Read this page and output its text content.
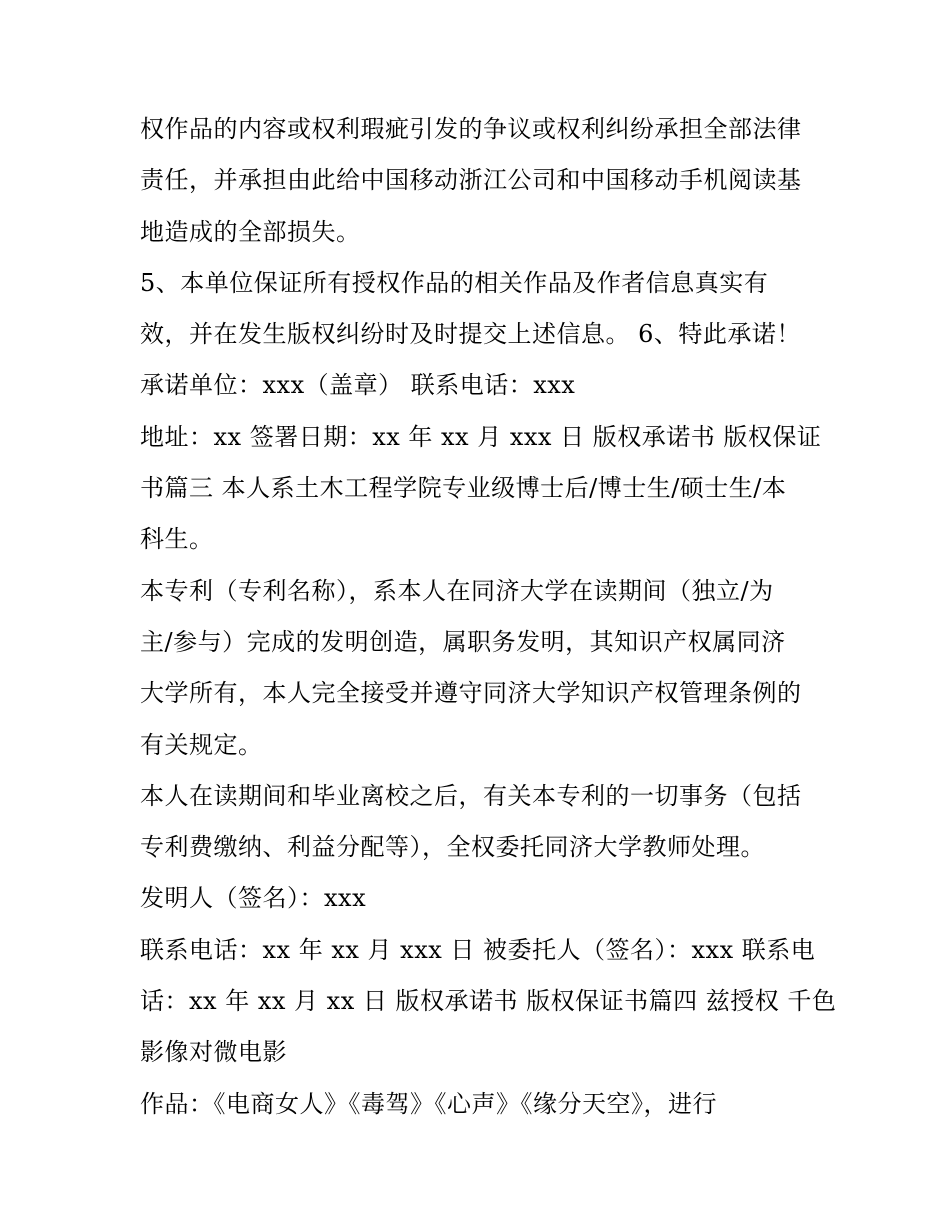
权作品的内容或权利瑕疵引发的争议或权利纠纷承担全部法律
责任，并承担由此给中国移动浙江公司和中国移动手机阅读基
地造成的全部损失。
5、本单位保证所有授权作品的相关作品及作者信息真实有
效，并在发生版权纠纷时及时提交上述信息。 6、特此承诺！
承诺单位：xxx（盖章） 联系电话：xxx
地址：xx 签署日期：xx 年 xx 月 xxx 日 版权承诺书 版权保证
书篇三 本人系土木工程学院专业级博士后/博士生/硕士生/本
科生。
本专利（专利名称），系本人在同济大学在读期间（独立/为
主/参与）完成的发明创造，属职务发明，其知识产权属同济
大学所有，本人完全接受并遵守同济大学知识产权管理条例的
有关规定。
本人在读期间和毕业离校之后，有关本专利的一切事务（包括
专利费缴纳、利益分配等），全权委托同济大学教师处理。
发明人（签名）：xxx
联系电话：xx 年 xx 月 xxx 日 被委托人（签名）：xxx 联系电
话：xx 年 xx 月 xx 日 版权承诺书 版权保证书篇四 兹授权 千色
影像对微电影
作品：《电商女人》《毒驾》《心声》《缘分天空》，进行
